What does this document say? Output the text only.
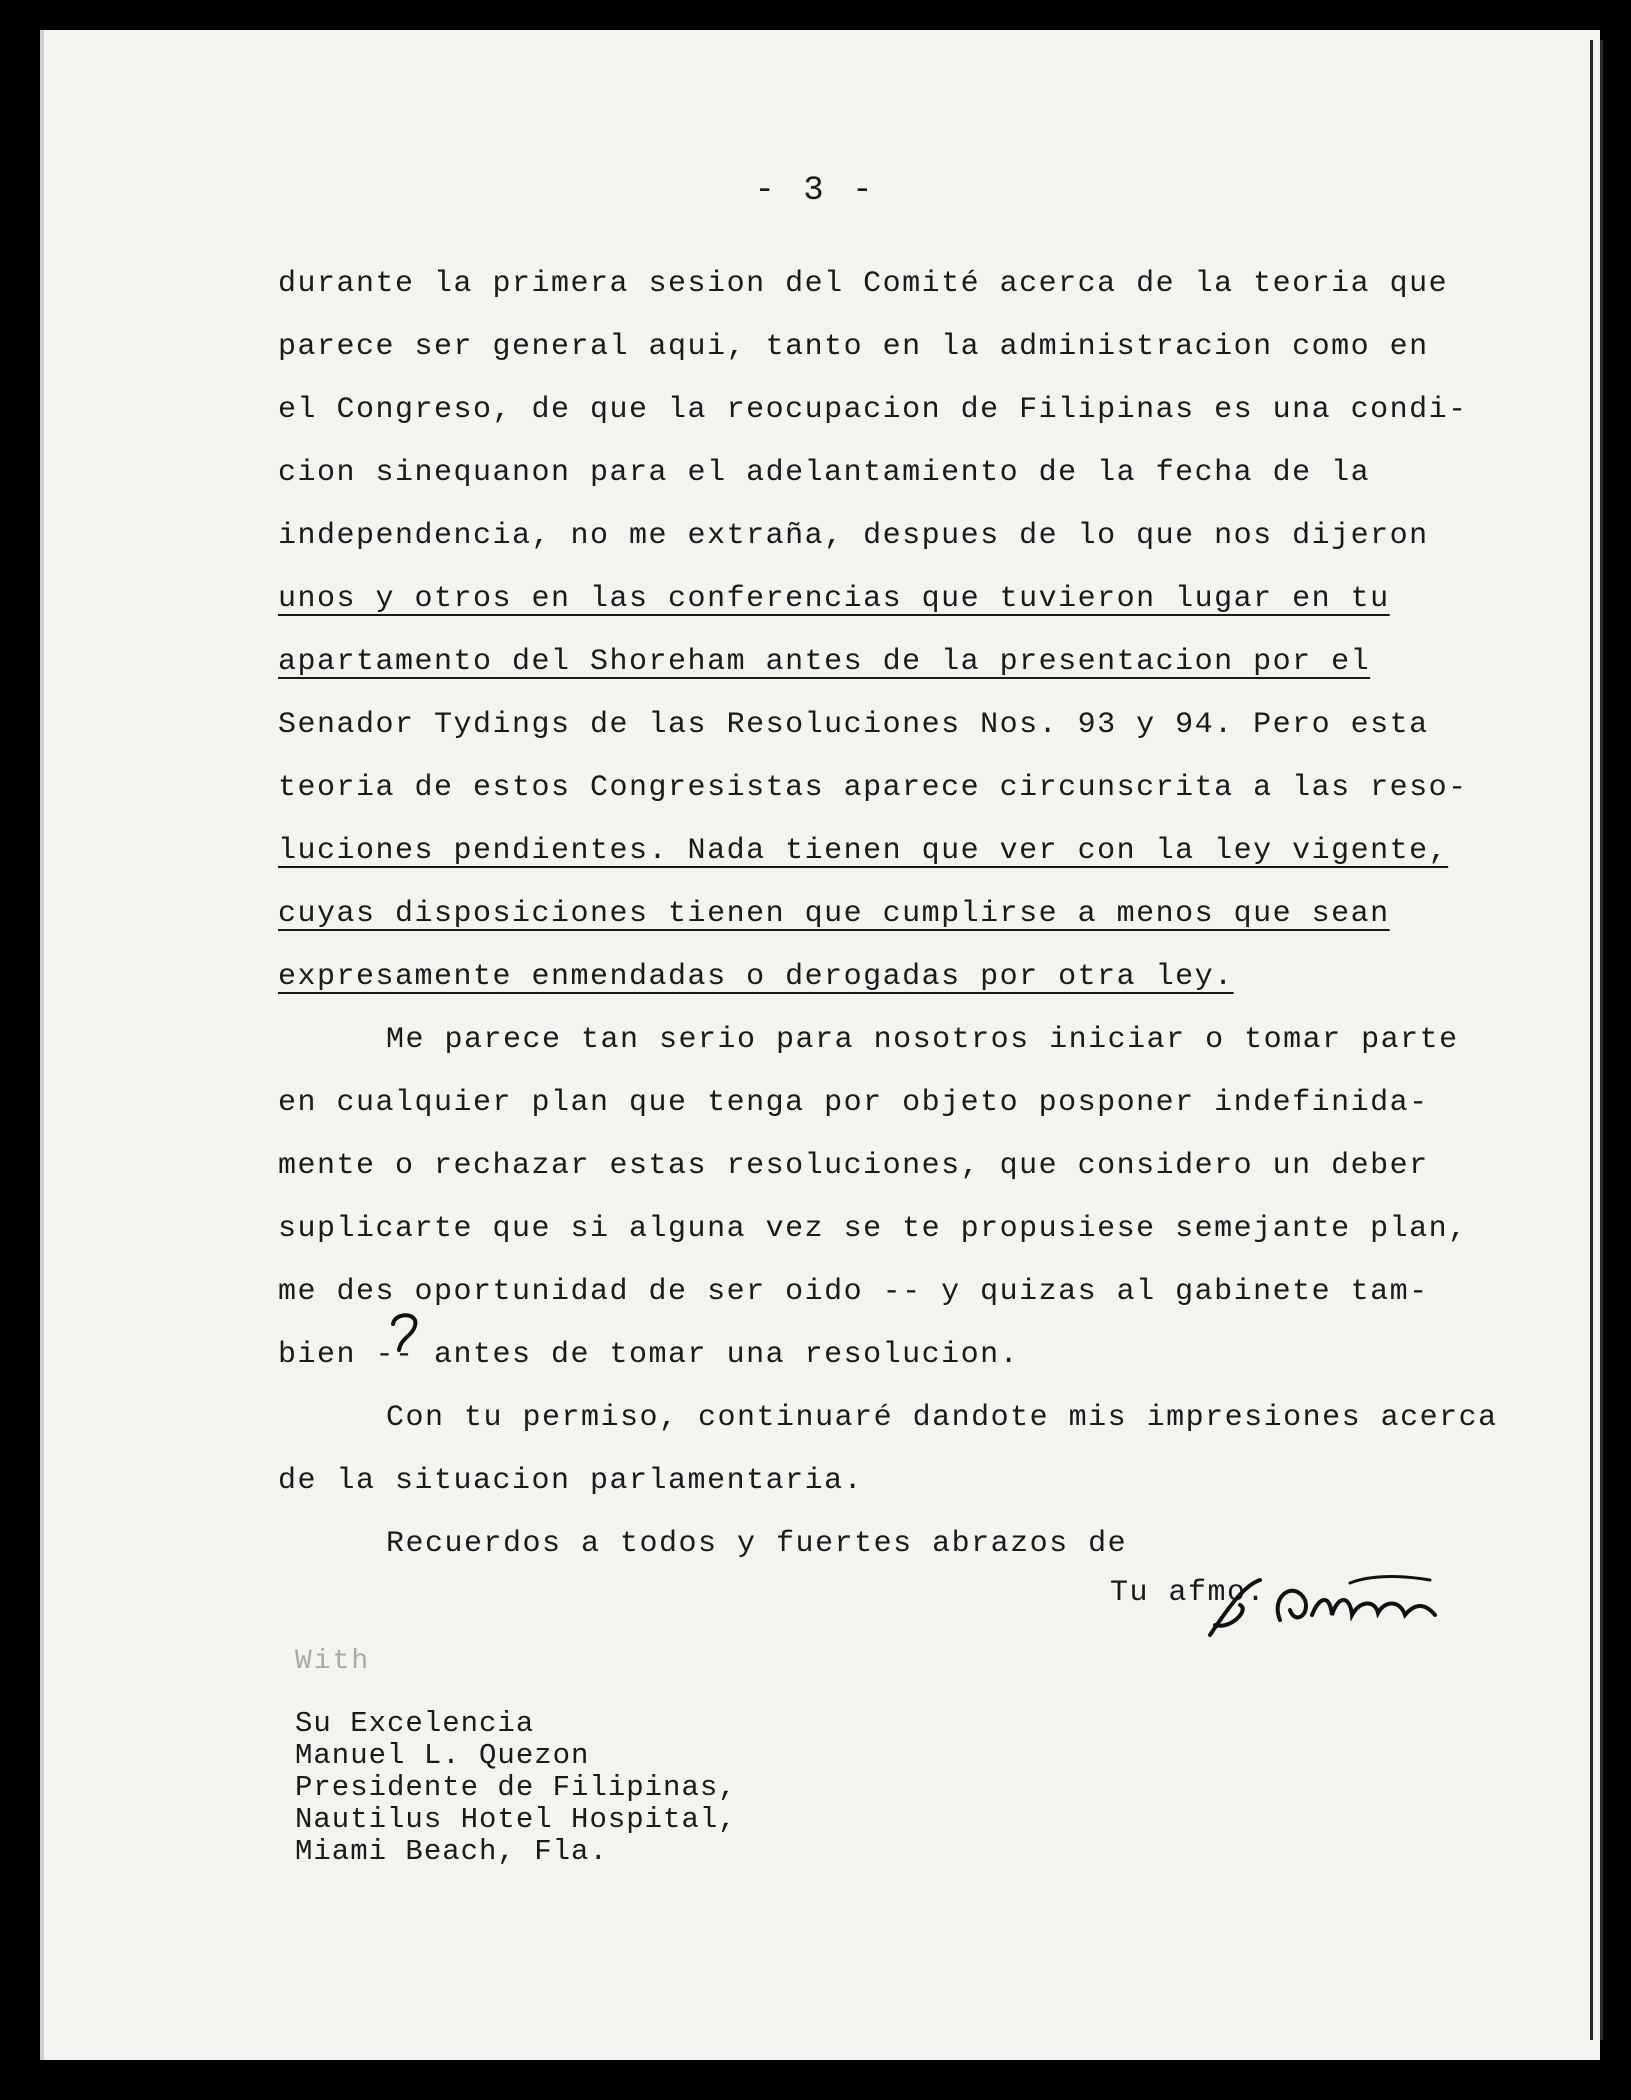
- 3 -
durante la primera sesion del Comité acerca de la teoria que
parece ser general aqui, tanto en la administracion como en
el Congreso, de que la reocupacion de Filipinas es una condi-
cion sinequanon para el adelantamiento de la fecha de la
independencia, no me extraña, despues de lo que nos dijeron
unos y otros en las conferencias que tuvieron lugar en tu
apartamento del Shoreham antes de la presentacion por el
Senador Tydings de las Resoluciones Nos. 93 y 94. Pero esta
teoria de estos Congresistas aparece circunscrita a las reso-
luciones pendientes. Nada tienen que ver con la ley vigente,
cuyas disposiciones tienen que cumplirse a menos que sean
expresamente enmendadas o derogadas por otra ley.
Me parece tan serio para nosotros iniciar o tomar parte
en cualquier plan que tenga por objeto posponer indefinida-
mente o rechazar estas resoluciones, que considero un deber
suplicarte que si alguna vez se te propusiese semejante plan,
me des oportunidad de ser oido -- y quizas al gabinete tam-
bien -- antes de tomar una resolucion.
Con tu permiso, continuaré dandote mis impresiones acerca
de la situacion parlamentaria.
Recuerdos a todos y fuertes abrazos de
Tu afmo.
With
Su Excelencia
Manuel L. Quezon
Presidente de Filipinas,
Nautilus Hotel Hospital,
Miami Beach, Fla.
